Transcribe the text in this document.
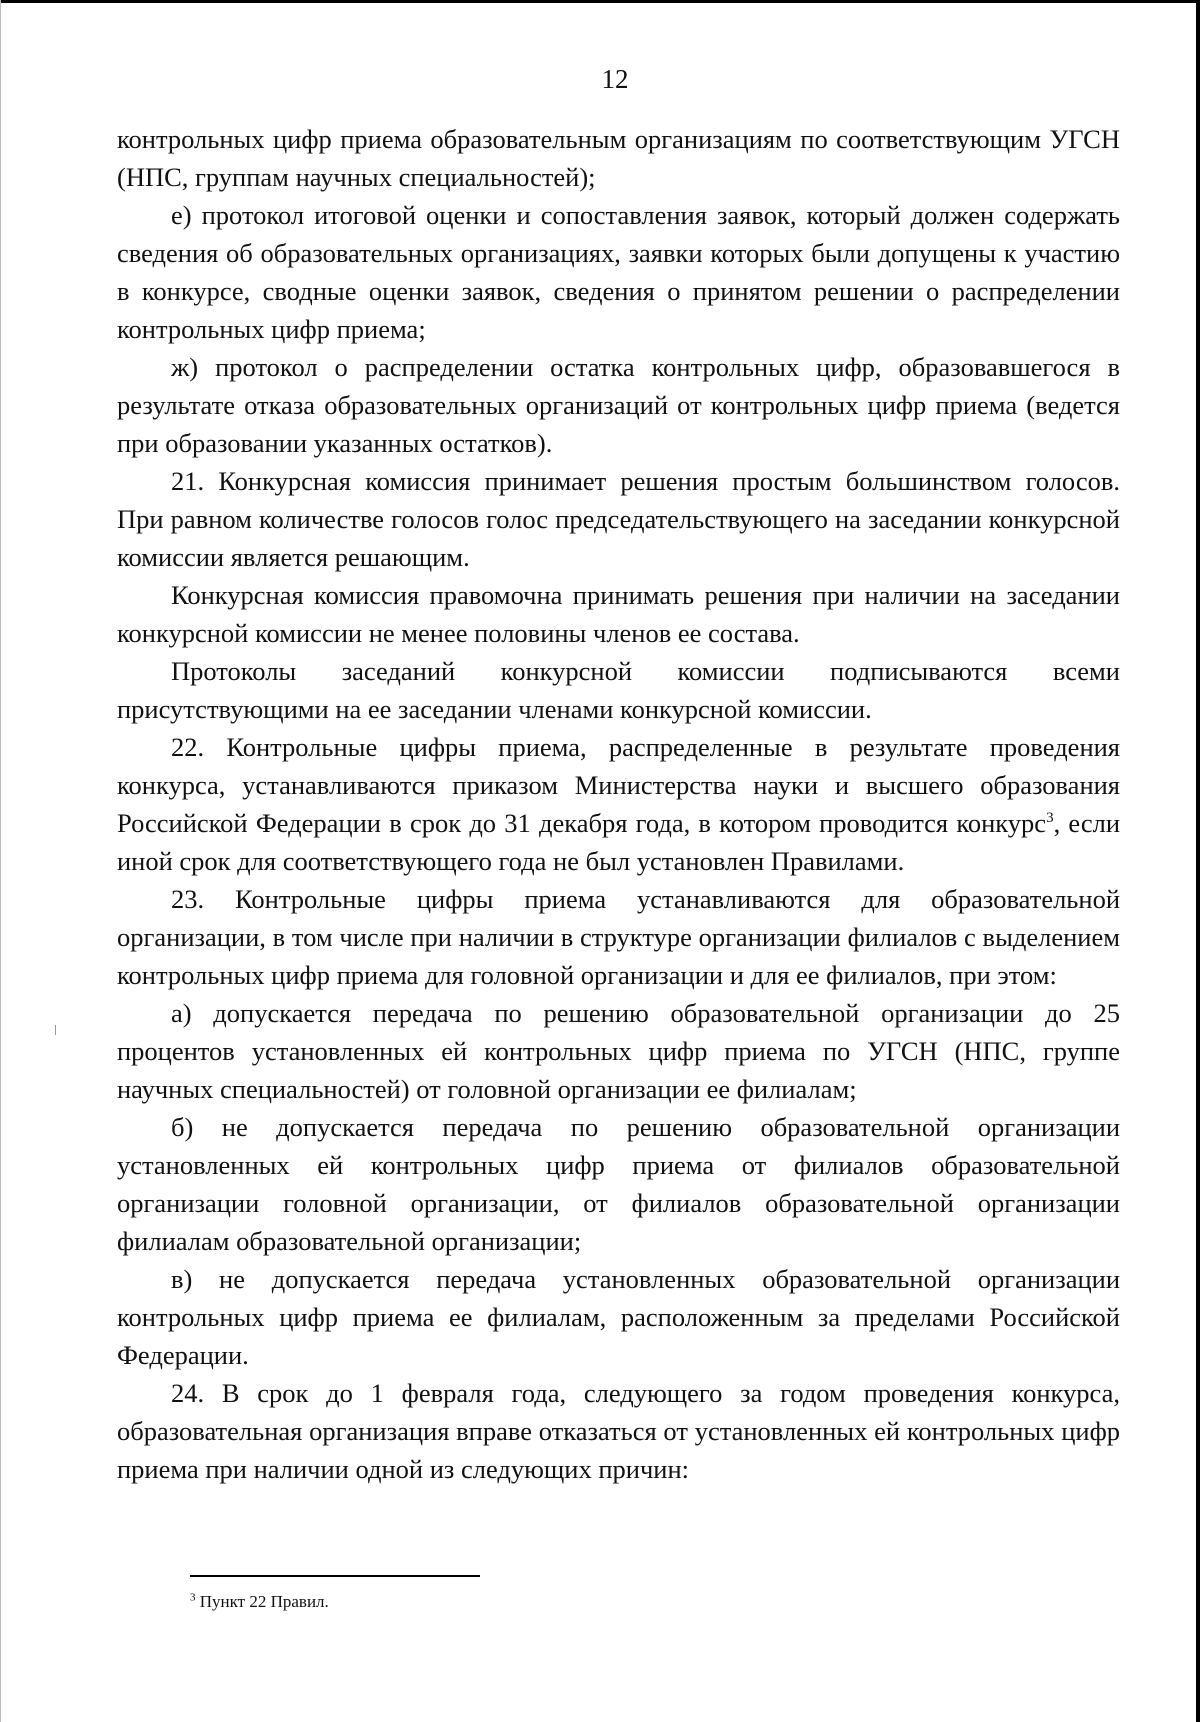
12

контрольных цифр приема образовательным организациям по соответствующим УГСН (НПС, группам научных специальностей);

е) протокол итоговой оценки и сопоставления заявок, который должен содержать сведения об образовательных организациях, заявки которых были допущены к участию в конкурсе, сводные оценки заявок, сведения о принятом решении о распределении контрольных цифр приема;

ж) протокол о распределении остатка контрольных цифр, образовавшегося в результате отказа образовательных организаций от контрольных цифр приема (ведется при образовании указанных остатков).

21. Конкурсная комиссия принимает решения простым большинством голосов. При равном количестве голосов голос председательствующего на заседании конкурсной комиссии является решающим.

Конкурсная комиссия правомочна принимать решения при наличии на заседании конкурсной комиссии не менее половины членов ее состава.

Протоколы заседаний конкурсной комиссии подписываются всеми присутствующими на ее заседании членами конкурсной комиссии.

22. Контрольные цифры приема, распределенные в результате проведения конкурса, устанавливаются приказом Министерства науки и высшего образования Российской Федерации в срок до 31 декабря года, в котором проводится конкурс$^3$, если иной срок для соответствующего года не был установлен Правилами.

23. Контрольные цифры приема устанавливаются для образовательной организации, в том числе при наличии в структуре организации филиалов с выделением контрольных цифр приема для головной организации и для ее филиалов, при этом:

а) допускается передача по решению образовательной организации до 25 процентов установленных ей контрольных цифр приема по УГСН (НПС, группе научных специальностей) от головной организации ее филиалам;

б) не допускается передача по решению образовательной организации установленных ей контрольных цифр приема от филиалов образовательной организации головной организации, от филиалов образовательной организации филиалам образовательной организации;

в) не допускается передача установленных образовательной организации контрольных цифр приема ее филиалам, расположенным за пределами Российской Федерации.

24. В срок до 1 февраля года, следующего за годом проведения конкурса, образовательная организация вправе отказаться от установленных ей контрольных цифр приема при наличии одной из следующих причин:

$^3$ Пункт 22 Правил.
